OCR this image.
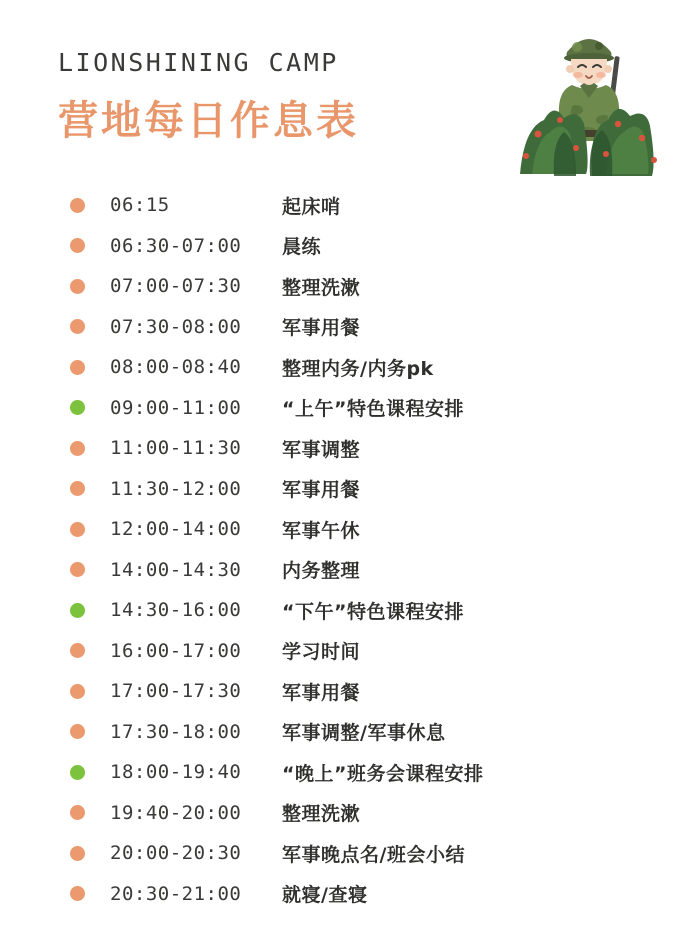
LIONSHINING CAMP
营地每日作息表
06:15	起床哨
06:30-07:00	晨练
07:00-07:30	整理洗漱
07:30-08:00	军事用餐
08:00-08:40	整理内务/内务pk
09:00-11:00	“上午”特色课程安排
11:00-11:30	军事调整
11:30-12:00	军事用餐
12:00-14:00	军事午休
14:00-14:30	内务整理
14:30-16:00	“下午”特色课程安排
16:00-17:00	学习时间
17:00-17:30	军事用餐
17:30-18:00	军事调整/军事休息
18:00-19:40	“晚上”班务会课程安排
19:40-20:00	整理洗漱
20:00-20:30	军事晚点名/班会小结
20:30-21:00	就寝/查寝
